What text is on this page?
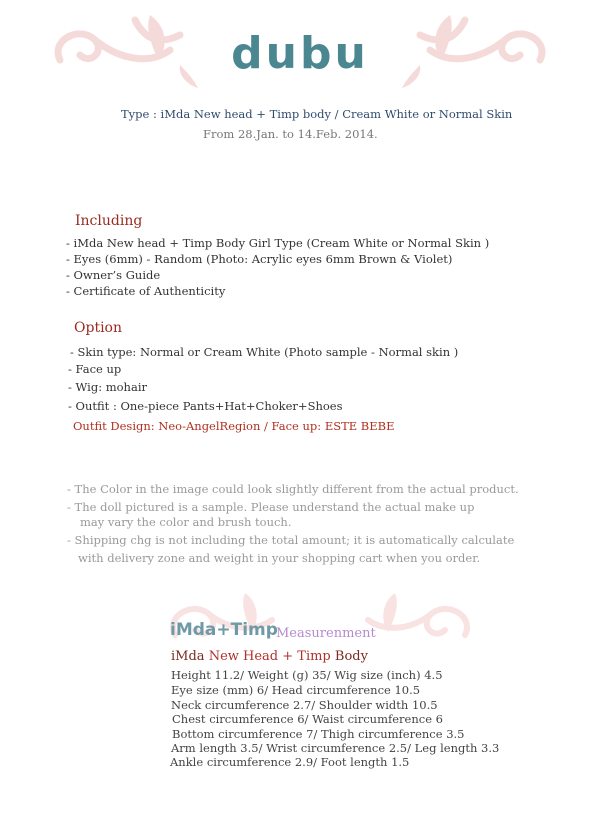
dubu
Type : iMda New head + Timp body / Cream White or Normal Skin
From 28.Jan. to 14.Feb. 2014.
Including
- iMda New head + Timp Body Girl Type (Cream White or Normal Skin )
- Eyes (6mm) - Random (Photo: Acrylic eyes 6mm Brown & Violet)
- Owner’s Guide
- Certificate of Authenticity
Option
- Skin type: Normal or Cream White (Photo sample - Normal skin )
- Face up
- Wig: mohair
- Outfit : One-piece Pants+Hat+Choker+Shoes
Outfit Design: Neo-AngelRegion / Face up: ESTE BEBE
- The Color in the image could look slightly different from the actual product.
- The doll pictured is a sample. Please understand the actual make up
may vary the color and brush touch.
- Shipping chg is not including the total amount; it is automatically calculate
with delivery zone and weight in your shopping cart when you order.
iMda+Timp
Measurenment
iMda New Head + Timp Body
Height 11.2/ Weight (g) 35/ Wig size (inch) 4.5
Eye size (mm) 6/ Head circumference 10.5
Neck circumference 2.7/ Shoulder width 10.5
Chest circumference 6/ Waist circumference 6
Bottom circumference 7/ Thigh circumference 3.5
Arm length 3.5/ Wrist circumference 2.5/ Leg length 3.3
Ankle circumference 2.9/ Foot length 1.5
